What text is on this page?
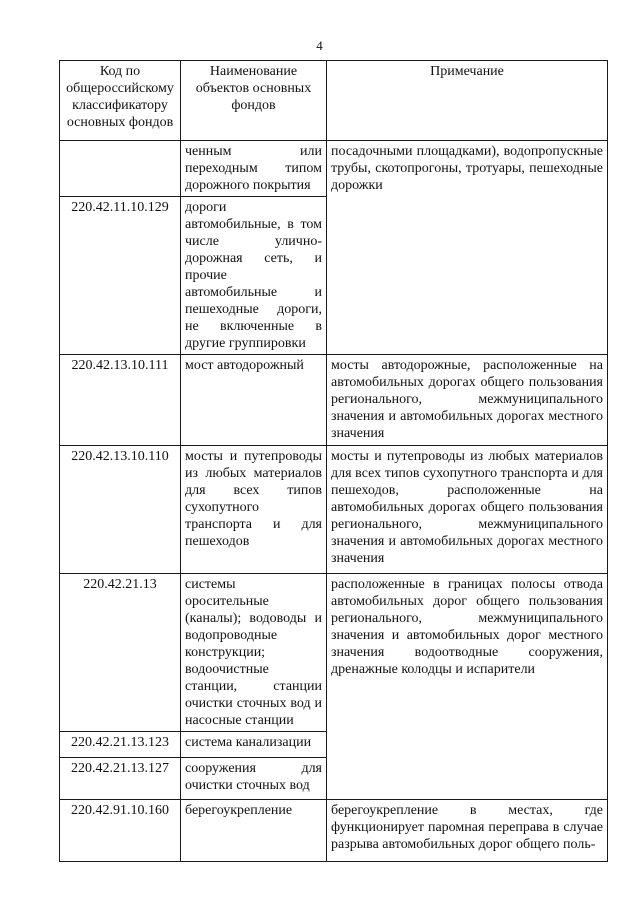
4
Код по общероссийскому классификатору основных фондов	Наименование объектов основных фондов	Примечание
	ченным или переходным типом дорожного покрытия	посадочными площадками), водопропускные трубы, скотопрогоны, тротуары, пешеходные дорожки
220.42.11.10.129	дороги автомобильные, в том числе улично-дорожная сеть, и прочие автомобильные и пешеходные дороги, не включенные в другие группировки	
220.42.13.10.111	мост автодорожный	мосты автодорожные, расположенные на автомобильных дорогах общего пользования регионального, межмуниципального значения и автомобильных дорогах местного значения
220.42.13.10.110	мосты и путепроводы из любых материалов для всех типов сухопутного транспорта и для пешеходов	мосты и путепроводы из любых материалов для всех типов сухопутного транспорта и для пешеходов, расположенные на автомобильных дорогах общего пользования регионального, межмуниципального значения и автомобильных дорогах местного значения
220.42.21.13	системы оросительные (каналы); водоводы и водопроводные конструкции; водоочистные станции, станции очистки сточных вод и насосные станции	расположенные в границах полосы отвода автомобильных дорог общего пользования регионального, межмуниципального значения и автомобильных дорог местного значения водоотводные сооружения, дренажные колодцы и испарители
220.42.21.13.123	система канализации	
220.42.21.13.127	сооружения для очистки сточных вод	
220.42.91.10.160	берегоукрепление	берегоукрепление в местах, где функционирует паромная переправа в случае разрыва автомобильных дорог общего поль-
